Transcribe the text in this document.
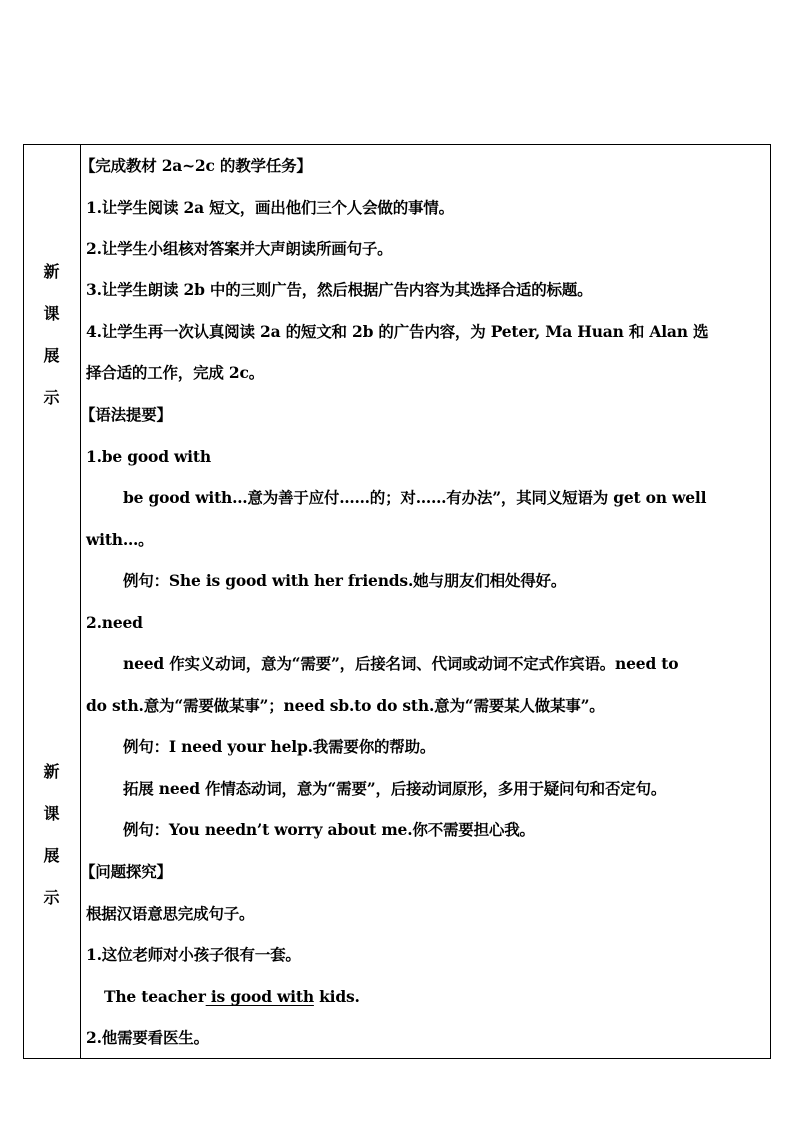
新
课
展
示
新
课
展
示
【完成教材 2a~2c 的教学任务】
1.让学生阅读 2a 短文，画出他们三个人会做的事情。
2.让学生小组核对答案并大声朗读所画句子。
3.让学生朗读 2b 中的三则广告，然后根据广告内容为其选择合适的标题。
4.让学生再一次认真阅读 2a 的短文和 2b 的广告内容，为 Peter, Ma Huan 和 Alan 选
择合适的工作，完成 2c。
【语法提要】
1.be good with
be good with…意为善于应付……的；对……有办法”，其同义短语为 get on well
with…。
例句：She is good with her friends.她与朋友们相处得好。
2.need
need 作实义动词，意为“需要”，后接名词、代词或动词不定式作宾语。need to
do sth.意为“需要做某事”；need sb.to do sth.意为“需要某人做某事”。
例句：I need your help.我需要你的帮助。
拓展 need 作情态动词，意为“需要”，后接动词原形，多用于疑问句和否定句。
例句：You needn’t worry about me.你不需要担心我。
【问题探究】
根据汉语意思完成句子。
1.这位老师对小孩子很有一套。
The teacher is good with kids.
2.他需要看医生。
